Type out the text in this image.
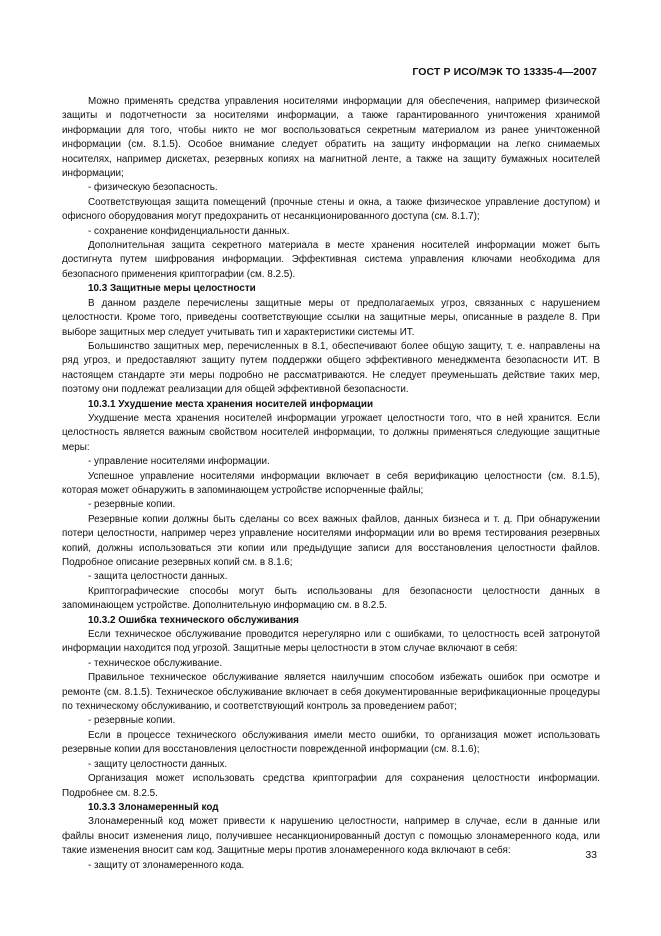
ГОСТ Р ИСО/МЭК ТО 13335-4—2007

Можно применять средства управления носителями информации для обеспечения, например физической защиты и подотчетности за носителями информации, а также гарантированного уничтожения хранимой информации для того, чтобы никто не мог воспользоваться секретным материалом из ранее уничтоженной информации (см. 8.1.5). Особое внимание следует обратить на защиту информации на легко снимаемых носителях, например дискетах, резервных копиях на магнитной ленте, а также на защиту бумажных носителей информации;

- физическую безопасность.

Соответствующая защита помещений (прочные стены и окна, а также физическое управление доступом) и офисного оборудования могут предохранить от несанкционированного доступа (см. 8.1.7);

- сохранение конфиденциальности данных.

Дополнительная защита секретного материала в месте хранения носителей информации может быть достигнута путем шифрования информации. Эффективная система управления ключами необходима для безопасного применения криптографии (см. 8.2.5).

10.3 Защитные меры целостности

В данном разделе перечислены защитные меры от предполагаемых угроз, связанных с нарушением целостности. Кроме того, приведены соответствующие ссылки на защитные меры, описанные в разделе 8. При выборе защитных мер следует учитывать тип и характеристики системы ИТ.

Большинство защитных мер, перечисленных в 8.1, обеспечивают более общую защиту, т. е. направлены на ряд угроз, и предоставляют защиту путем поддержки общего эффективного менеджмента безопасности ИТ. В настоящем стандарте эти меры подробно не рассматриваются. Не следует преуменьшать действие таких мер, поэтому они подлежат реализации для общей эффективной безопасности.

10.3.1 Ухудшение места хранения носителей информации

Ухудшение места хранения носителей информации угрожает целостности того, что в ней хранится. Если целостность является важным свойством носителей информации, то должны применяться следующие защитные меры:

- управление носителями информации.

Успешное управление носителями информации включает в себя верификацию целостности (см. 8.1.5), которая может обнаружить в запоминающем устройстве испорченные файлы;

- резервные копии.

Резервные копии должны быть сделаны со всех важных файлов, данных бизнеса и т. д. При обнаружении потери целостности, например через управление носителями информации или во время тестирования резервных копий, должны использоваться эти копии или предыдущие записи для восстановления целостности файлов. Подробное описание резервных копий см. в 8.1.6;

- защита целостности данных.

Криптографические способы могут быть использованы для безопасности целостности данных в запоминающем устройстве. Дополнительную информацию см. в 8.2.5.

10.3.2 Ошибка технического обслуживания

Если техническое обслуживание проводится нерегулярно или с ошибками, то целостность всей затронутой информации находится под угрозой. Защитные меры целостности в этом случае включают в себя:

- техническое обслуживание.

Правильное техническое обслуживание является наилучшим способом избежать ошибок при осмотре и ремонте (см. 8.1.5). Техническое обслуживание включает в себя документированные верификационные процедуры по техническому обслуживанию, и соответствующий контроль за проведением работ;

- резервные копии.

Если в процессе технического обслуживания имели место ошибки, то организация может использовать резервные копии для восстановления целостности поврежденной информации (см. 8.1.6);

- защиту целостности данных.

Организация может использовать средства криптографии для сохранения целостности информации. Подробнее см. 8.2.5.

10.3.3 Злонамеренный код

Злонамеренный код может привести к нарушению целостности, например в случае, если в данные или файлы вносит изменения лицо, получившее несанкционированный доступ с помощью злонамеренного кода, или такие изменения вносит сам код. Защитные меры против злонамеренного кода включают в себя:

- защиту от злонамеренного кода.

33
